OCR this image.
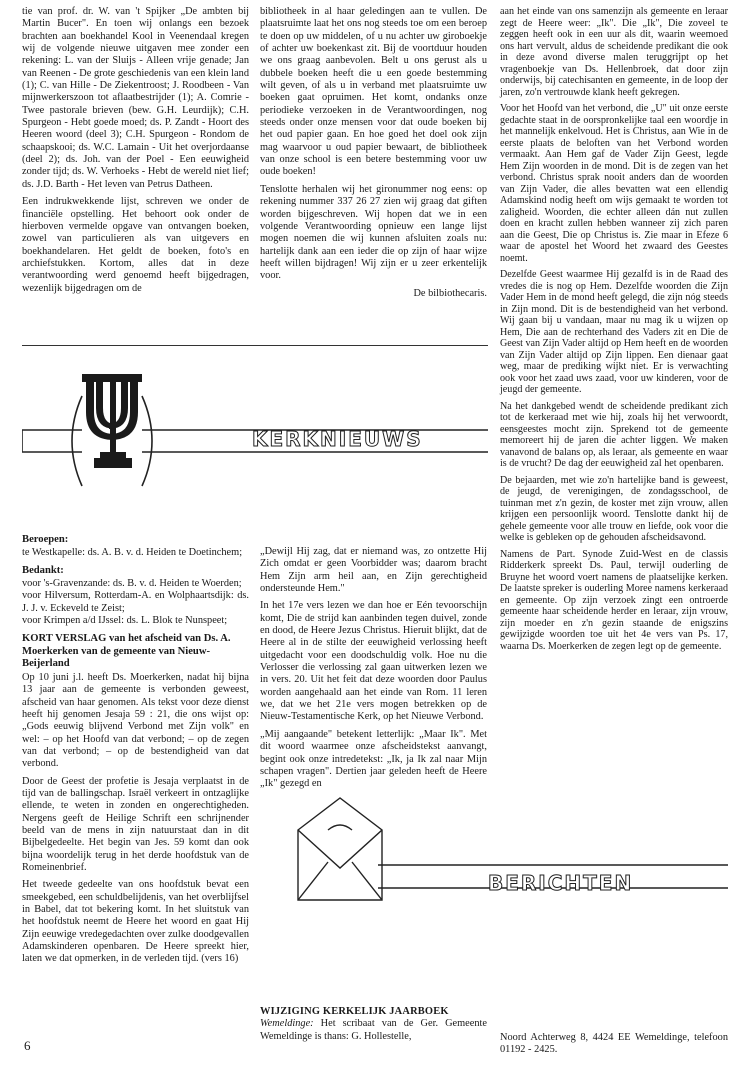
tie van prof. dr. W. van 't Spijker „De ambten bij Martin Bucer". En toen wij onlangs een bezoek brachten aan boekhandel Kool in Veenendaal kregen wij de volgende nieuwe uitgaven mee zonder een rekening: L. van der Sluijs - Alleen vrije genade; Jan van Reenen - De grote geschiedenis van een klein land (1); C. van Hille - De Ziekentroost; J. Roodbeen - Van mijnwerkerszoon tot aflaatbestrijder (1); A. Comrie - Twee pastorale brieven (bew. G.H. Leurdijk); C.H. Spurgeon - Hebt goede moed; ds. P. Zandt - Hoort des Heeren woord (deel 3); C.H. Spurgeon - Rondom de schaapskooi; ds. W.C. Lamain - Uit het overjordaanse (deel 2); ds. Joh. van der Poel - Een eeuwigheid zonder tijd; ds. W. Verhoeks - Hebt de wereld niet lief; ds. J.D. Barth - Het leven van Petrus Datheen.

Een indrukwekkende lijst, schreven we onder de financiële opstelling. Het behoort ook onder de hierboven vermelde opgave van ontvangen boeken, zowel van particulieren als van uitgevers en boekhandelaren. Het geldt de boeken, foto's en archiefstukken. Kortom, alles dat in deze verantwoording werd genoemd heeft bijgedragen, wezenlijk bijgedragen om de

bibliotheek in al haar geledingen aan te vullen. De plaatsruimte laat het ons nog steeds toe om een beroep te doen op uw middelen, of u nu achter uw giroboekje of achter uw boekenkast zit. Bij de voortduur houden we ons graag aanbevolen. Belt u ons gerust als u dubbele boeken heeft die u een goede bestemming wilt geven, of als u in verband met plaatsruimte uw boeken gaat opruimen. Het komt, ondanks onze periodieke verzoeken in de Verantwoordingen, nog steeds onder onze mensen voor dat oude boeken bij het oud papier gaan. En hoe goed het doel ook zijn mag waarvoor u oud papier bewaart, de bibliotheek van onze school is een betere bestemming voor uw oude boeken!

Tenslotte herhalen wij het gironummer nog eens: op rekening nummer 337 26 27 zien wij graag dat giften worden bijgeschreven. Wij hopen dat we in een volgende Verantwoording opnieuw een lange lijst mogen noemen die wij kunnen afsluiten zoals nu: hartelijk dank aan een ieder die op zijn of haar wijze heeft willen bijdragen! Wij zijn er u zeer erkentelijk voor.

De bilbiothecaris.

aan het einde van ons samenzijn als gemeente en leraar zegt de Heere weer: „Ik". Die „Ik", Die zoveel te zeggen heeft ook in een uur als dit, waarin weemoed ons hart vervult, aldus de scheidende predikant die ook in deze avond diverse malen teruggrijpt op het vragenboekje van Ds. Hellenbroek, dat door zijn onderwijs, bij catechisanten en gemeente, in de loop der jaren, zo'n vertrouwde klank heeft gekregen.

Voor het Hoofd van het verbond, die „U" uit onze eerste gedachte staat in de oorspronkelijke taal een woordje in het mannelijk enkelvoud. Het is Christus, aan Wie in de eerste plaats de beloften van het Verbond worden vermaakt. Aan Hem gaf de Vader Zijn Geest, legde Hem Zijn woorden in de mond. Dit is de zegen van het verbond. Christus sprak nooit anders dan de woorden van Zijn Vader, die alles bevatten wat een ellendig Adamskind nodig heeft om wijs gemaakt te worden tot zaligheid. Woorden, die echter alleen dán nut zullen doen en kracht zullen hebben wanneer zij zich paren aan die Geest, Die op Christus is. Zie maar in Efeze 6 waar de apostel het Woord het zwaard des Geestes noemt.

Dezelfde Geest waarmee Hij gezalfd is in de Raad des vredes die is nog op Hem. Dezelfde woorden die Zijn Vader Hem in de mond heeft gelegd, die zijn nóg steeds in Zijn mond. Dit is de bestendigheid van het verbond. Wij gaan bij u vandaan, maar nu mag ik u wijzen op Hem, Die aan de rechterhand des Vaders zit en Die de Geest van Zijn Vader altijd op Hem heeft en de woorden van Zijn Vader altijd op Zijn lippen. Een dienaar gaat weg, maar de prediking wijkt niet. Er is verwachting ook voor het zaad uws zaad, voor uw kinderen, voor de jeugd der gemeente.

Na het dankgebed wendt de scheidende predikant zich tot de kerkeraad met wie hij, zoals hij het verwoordt, eensgeestes mocht zijn. Sprekend tot de gemeente memoreert hij de jaren die achter liggen. We maken vanavond de balans op, als leraar, als gemeente en waar is de vrucht? De dag der eeuwigheid zal het openbaren.

De bejaarden, met wie zo'n hartelijke band is geweest, de jeugd, de verenigingen, de zondagsschool, de tuinman met z'n gezin, de koster met zijn vrouw, allen krijgen een persoonlijk woord. Tenslotte dankt hij de gehele gemeente voor alle trouw en liefde, ook voor die welke is gebleken op de gehouden afscheidsavond.

Namens de Part. Synode Zuid-West en de classis Ridderkerk spreekt Ds. Paul, terwijl ouderling de Bruyne het woord voert namens de plaatselijke kerken. De laatste spreker is ouderling Moree namens kerkeraad en gemeente. Op zijn verzoek zingt een ontroerde gemeente haar scheidende herder en leraar, zijn vrouw, zijn moeder en z'n gezin staande de enigszins gewijzigde woorden toe uit het 4e vers van Ps. 17, waarna Ds. Moerkerken de zegen legt op de gemeente.

KERKNIEUWS
Beroepen:

te Westkapelle: ds. A. B. v. d. Heiden te Doetinchem;

Bedankt:

voor 's-Gravenzande: ds. B. v. d. Heiden te Woerden;

voor Hilversum, Rotterdam-A. en Wolphaartsdijk: ds. J. J. v. Eckeveld te Zeist;

voor Krimpen a/d IJssel: ds. L. Blok te Nunspeet;

KORT VERSLAG van het afscheid van Ds. A. Moerkerken van de gemeente van Nieuw-Beijerland

Op 10 juni j.l. heeft Ds. Moerkerken, nadat hij bijna 13 jaar aan de gemeente is verbonden geweest, afscheid van haar genomen. Als tekst voor deze dienst heeft hij genomen Jesaja 59 : 21, die ons wijst op: „Gods eeuwig blijvend Verbond met Zijn volk" en wel: – op het Hoofd van dat verbond; – op de zegen van dat verbond; – op de bestendigheid van dat verbond.

Door de Geest der profetie is Jesaja verplaatst in de tijd van de ballingschap. Israël verkeert in ontzaglijke ellende, te weten in zonden en ongerechtigheden. Nergens geeft de Heilige Schrift een schrijnender beeld van de mens in zijn natuurstaat dan in dit Bijbelgedeelte. Het begin van Jes. 59 komt dan ook bijna woordelijk terug in het derde hoofdstuk van de Romeinenbrief.

Het tweede gedeelte van ons hoofdstuk bevat een smeekgebed, een schuldbelijdenis, van het overblijfsel in Babel, dat tot bekering komt. In het sluitstuk van het hoofdstuk neemt de Heere het woord en gaat Hij Zijn eeuwige vredegedachten over zulke doodgevallen Adamskinderen openbaren. De Heere spreekt hier, laten we dat opmerken, in de verleden tijd. (vers 16)

„Dewijl Hij zag, dat er niemand was, zo ontzette Hij Zich omdat er geen Voorbidder was; daarom bracht Hem Zijn arm heil aan, en Zijn gerechtigheid ondersteunde Hem."

In het 17e vers lezen we dan hoe er Eén tevoorschijn komt, Die de strijd kan aanbinden tegen duivel, zonde en dood, de Heere Jezus Christus. Hieruit blijkt, dat de Heere al in de stilte der eeuwigheid verlossing heeft uitgedacht voor een doodschuldig volk. Hoe nu die Verlosser die verlossing zal gaan uitwerken lezen we in vers. 20. Uit het feit dat deze woorden door Paulus worden aangehaald aan het einde van Rom. 11 leren we, dat we het 21e vers mogen betrekken op de Nieuw-Testamentische Kerk, op het Nieuwe Verbond.

„Mij aangaande" betekent letterlijk: „Maar Ik". Met dit woord waarmee onze afscheidstekst aanvangt, begint ook onze intredetekst: „Ik, ja Ik zal naar Mijn schapen vragen". Dertien jaar geleden heeft de Heere „Ik" gezegd en

BERICHTEN
WIJZIGING KERKELIJK JAARBOEK

Wemeldinge: Het scribaat van de Ger. Gemeente Wemeldinge is thans: G. Hollestelle,	Noord Achterweg 8, 4424 EE Wemeldinge, telefoon 01192 - 2425.

6
